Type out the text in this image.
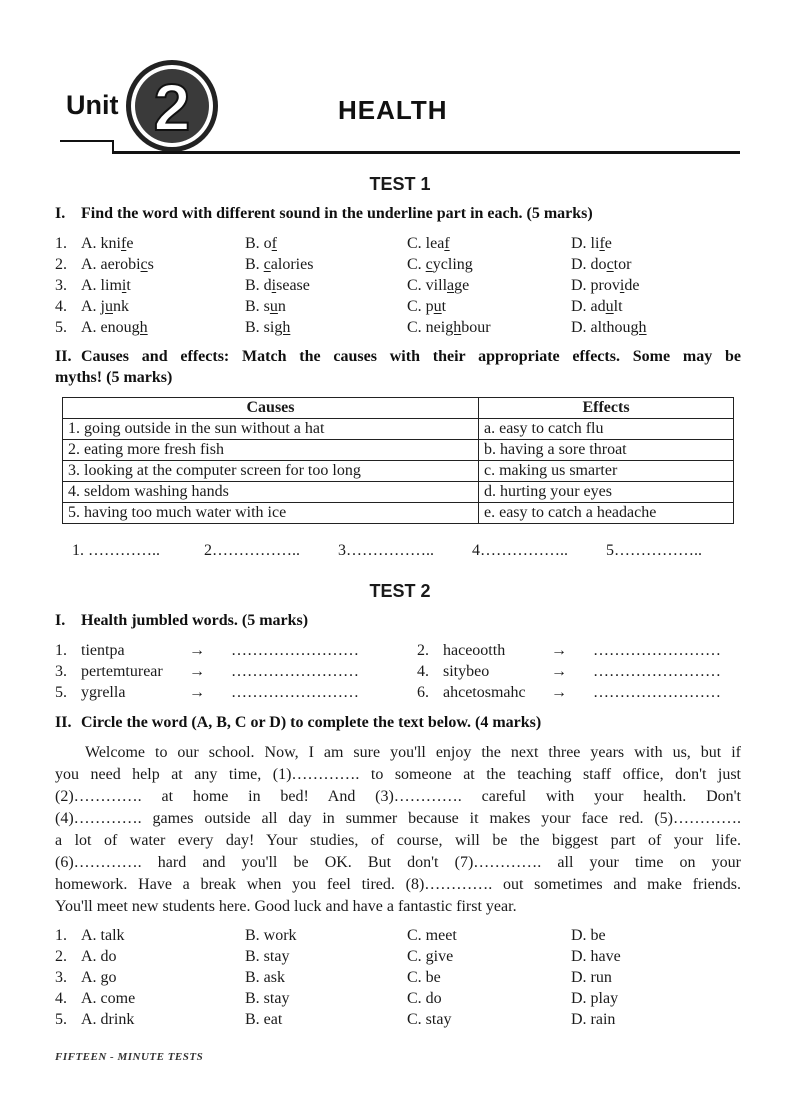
Unit 2	HEALTH
TEST 1
I. Find the word with different sound in the underline part in each. (5 marks)
1. A. knife	B. of	C. leaf	D. life
2. A. aerobics	B. calories	C. cycling	D. doctor
3. A. limit	B. disease	C. village	D. provide
4. A. junk	B. sun	C. put	D. adult
5. A. enough	B. sigh	C. neighbour	D. although
II. Causes and effects: Match the causes with their appropriate effects. Some may be
myths! (5 marks)
Causes	Effects
1. going outside in the sun without a hat	a. easy to catch flu
2. eating more fresh fish	b. having a sore throat
3. looking at the computer screen for too long	c. making us smarter
4. seldom washing hands	d. hurting your eyes
5. having too much water with ice	e. easy to catch a headache
1. …………..	2…………….. 3…………….. 4…………….. 5……………..
TEST 2
I. Health jumbled words. (5 marks)
1. tientpa	→ ……………………	2. haceootth	→ ……………………
3. pertemturear → ……………………	4. sitybeo	→ ……………………
5. ygrella	→ ……………………	6. ahcetosmahc → ……………………
II. Circle the word (A, B, C or D) to complete the text below. (4 marks)
Welcome to our school. Now, I am sure you'll enjoy the next three years with us, but if
you need help at any time, (1)…………. to someone at the teaching staff office, don't just
(2)…………. at home in bed! And (3)…………. careful with your health. Don't
(4)…………. games outside all day in summer because it makes your face red. (5)………….
a lot of water every day! Your studies, of course, will be the biggest part of your life.
(6)…………. hard and you'll be OK. But don't (7)…………. all your time on your
homework. Have a break when you feel tired. (8)…………. out sometimes and make friends.
You'll meet new students here. Good luck and have a fantastic first year.
1. A. talk	B. work	C. meet	D. be
2. A. do	B. stay	C. give	D. have
3. A. go	B. ask	C. be	D. run
4. A. come	B. stay	C. do	D. play
5. A. drink	B. eat	C. stay	D. rain
FIFTEEN - MINUTE TESTS
